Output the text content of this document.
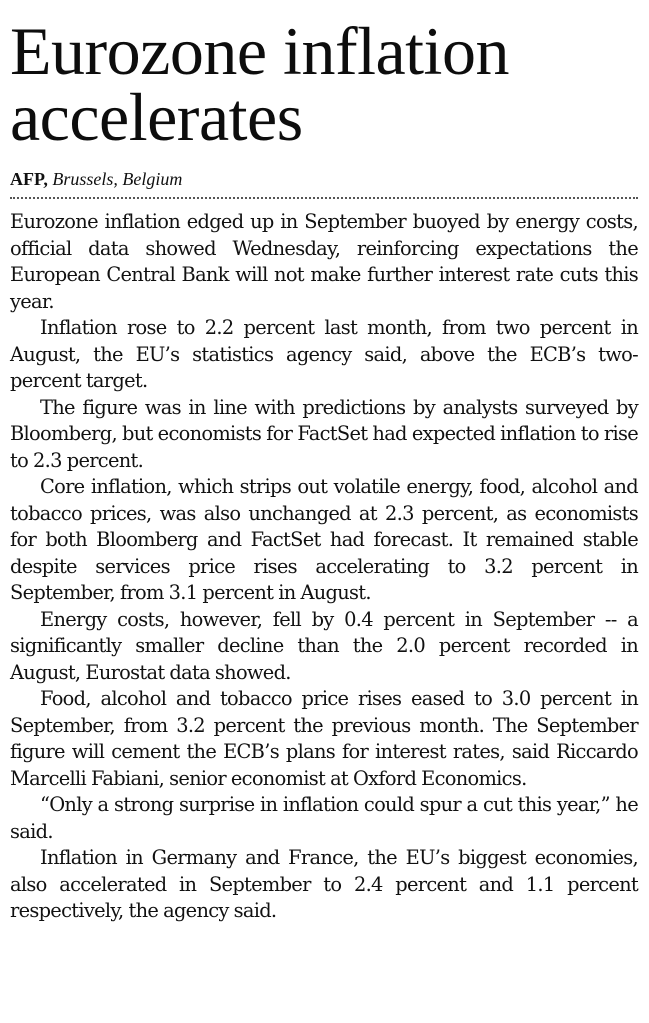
Eurozone inflation accelerates
AFP, Brussels, Belgium

Eurozone inflation edged up in September buoyed by energy costs, official data showed Wednesday, reinforcing expectations the European Central Bank will not make further interest rate cuts this year.

Inflation rose to 2.2 percent last month, from two percent in August, the EU’s statistics agency said, above the ECB’s two-percent target.

The figure was in line with predictions by analysts surveyed by Bloomberg, but economists for FactSet had expected inflation to rise to 2.3 percent.

Core inflation, which strips out volatile energy, food, alcohol and tobacco prices, was also unchanged at 2.3 percent, as economists for both Bloomberg and FactSet had forecast. It remained stable despite services price rises accelerating to 3.2 percent in September, from 3.1 percent in August.

Energy costs, however, fell by 0.4 percent in September -- a significantly smaller decline than the 2.0 percent recorded in August, Eurostat data showed.

Food, alcohol and tobacco price rises eased to 3.0 percent in September, from 3.2 percent the previous month. The September figure will cement the ECB’s plans for interest rates, said Riccardo Marcelli Fabiani, senior economist at Oxford Economics.

“Only a strong surprise in inflation could spur a cut this year,” he said.

Inflation in Germany and France, the EU’s biggest economies, also accelerated in September to 2.4 percent and 1.1 percent respectively, the agency said.
